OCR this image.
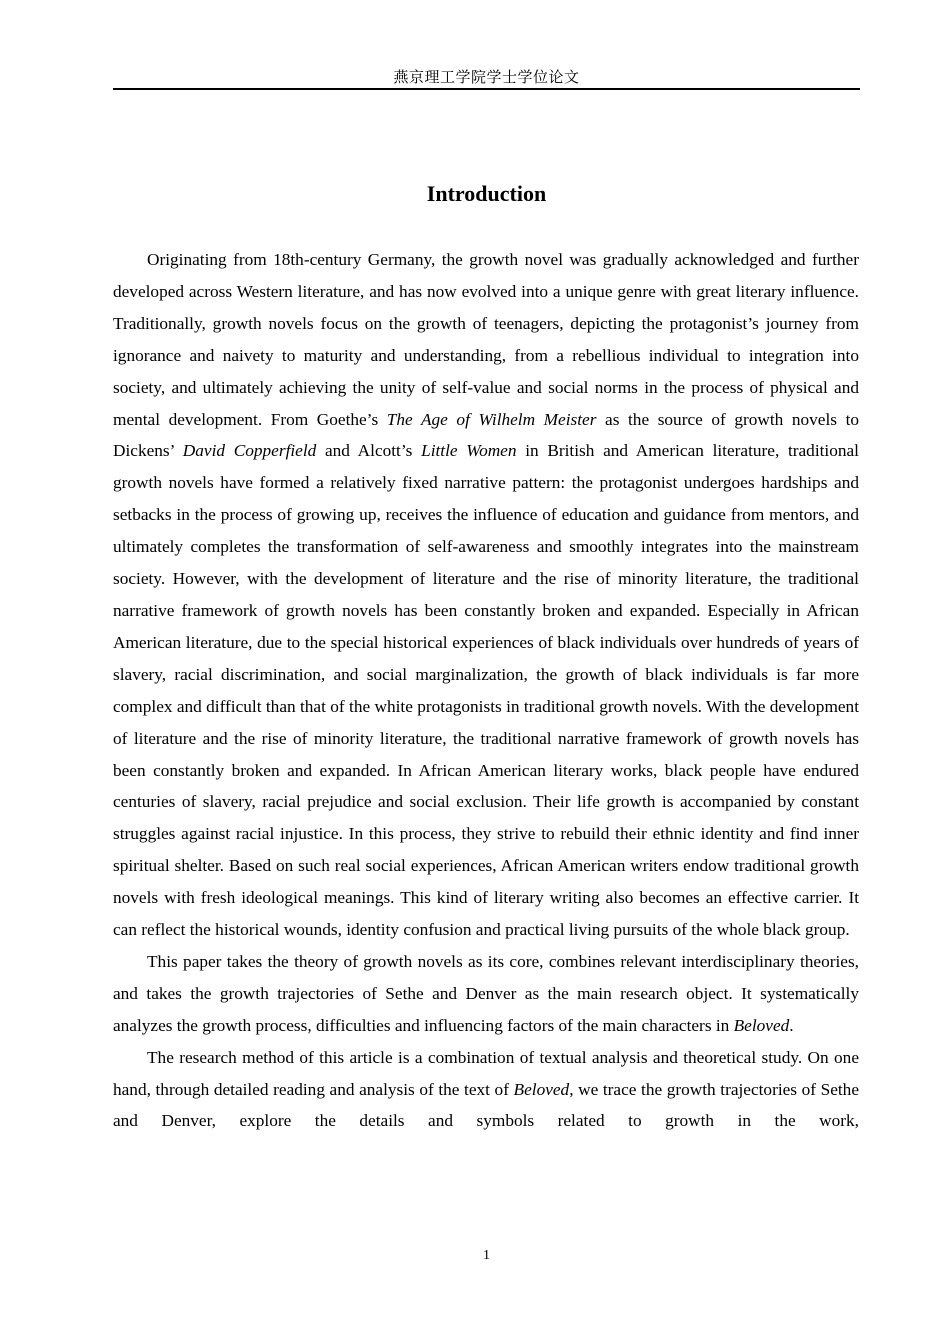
燕京理工学院学士学位论文
Introduction

Originating from 18th-century Germany, the growth novel was gradually acknowledged and further developed across Western literature, and has now evolved into a unique genre with great literary influence. Traditionally, growth novels focus on the growth of teenagers, depicting the protagonist’s journey from ignorance and naivety to maturity and understanding, from a rebellious individual to integration into society, and ultimately achieving the unity of self-value and social norms in the process of physical and mental development. From Goethe’s The Age of Wilhelm Meister as the source of growth novels to Dickens’ David Copperfield and Alcott’s Little Women in British and American literature, traditional growth novels have formed a relatively fixed narrative pattern: the protagonist undergoes hardships and setbacks in the process of growing up, receives the influence of education and guidance from mentors, and ultimately completes the transformation of self-awareness and smoothly integrates into the mainstream society. However, with the development of literature and the rise of minority literature, the traditional narrative framework of growth novels has been constantly broken and expanded. Especially in African American literature, due to the special historical experiences of black individuals over hundreds of years of slavery, racial discrimination, and social marginalization, the growth of black individuals is far more complex and difficult than that of the white protagonists in traditional growth novels. With the development of literature and the rise of minority literature, the traditional narrative framework of growth novels has been constantly broken and expanded. In African American literary works, black people have endured centuries of slavery, racial prejudice and social exclusion. Their life growth is accompanied by constant struggles against racial injustice. In this process, they strive to rebuild their ethnic identity and find inner spiritual shelter. Based on such real social experiences, African American writers endow traditional growth novels with fresh ideological meanings. This kind of literary writing also becomes an effective carrier. It can reflect the historical wounds, identity confusion and practical living pursuits of the whole black group.

This paper takes the theory of growth novels as its core, combines relevant interdisciplinary theories, and takes the growth trajectories of Sethe and Denver as the main research object. It systematically analyzes the growth process, difficulties and influencing factors of the main characters in Beloved.

The research method of this article is a combination of textual analysis and theoretical study. On one hand, through detailed reading and analysis of the text of Beloved, we trace the growth trajectories of Sethe and Denver, explore the details and symbols related to growth in the work,

1
